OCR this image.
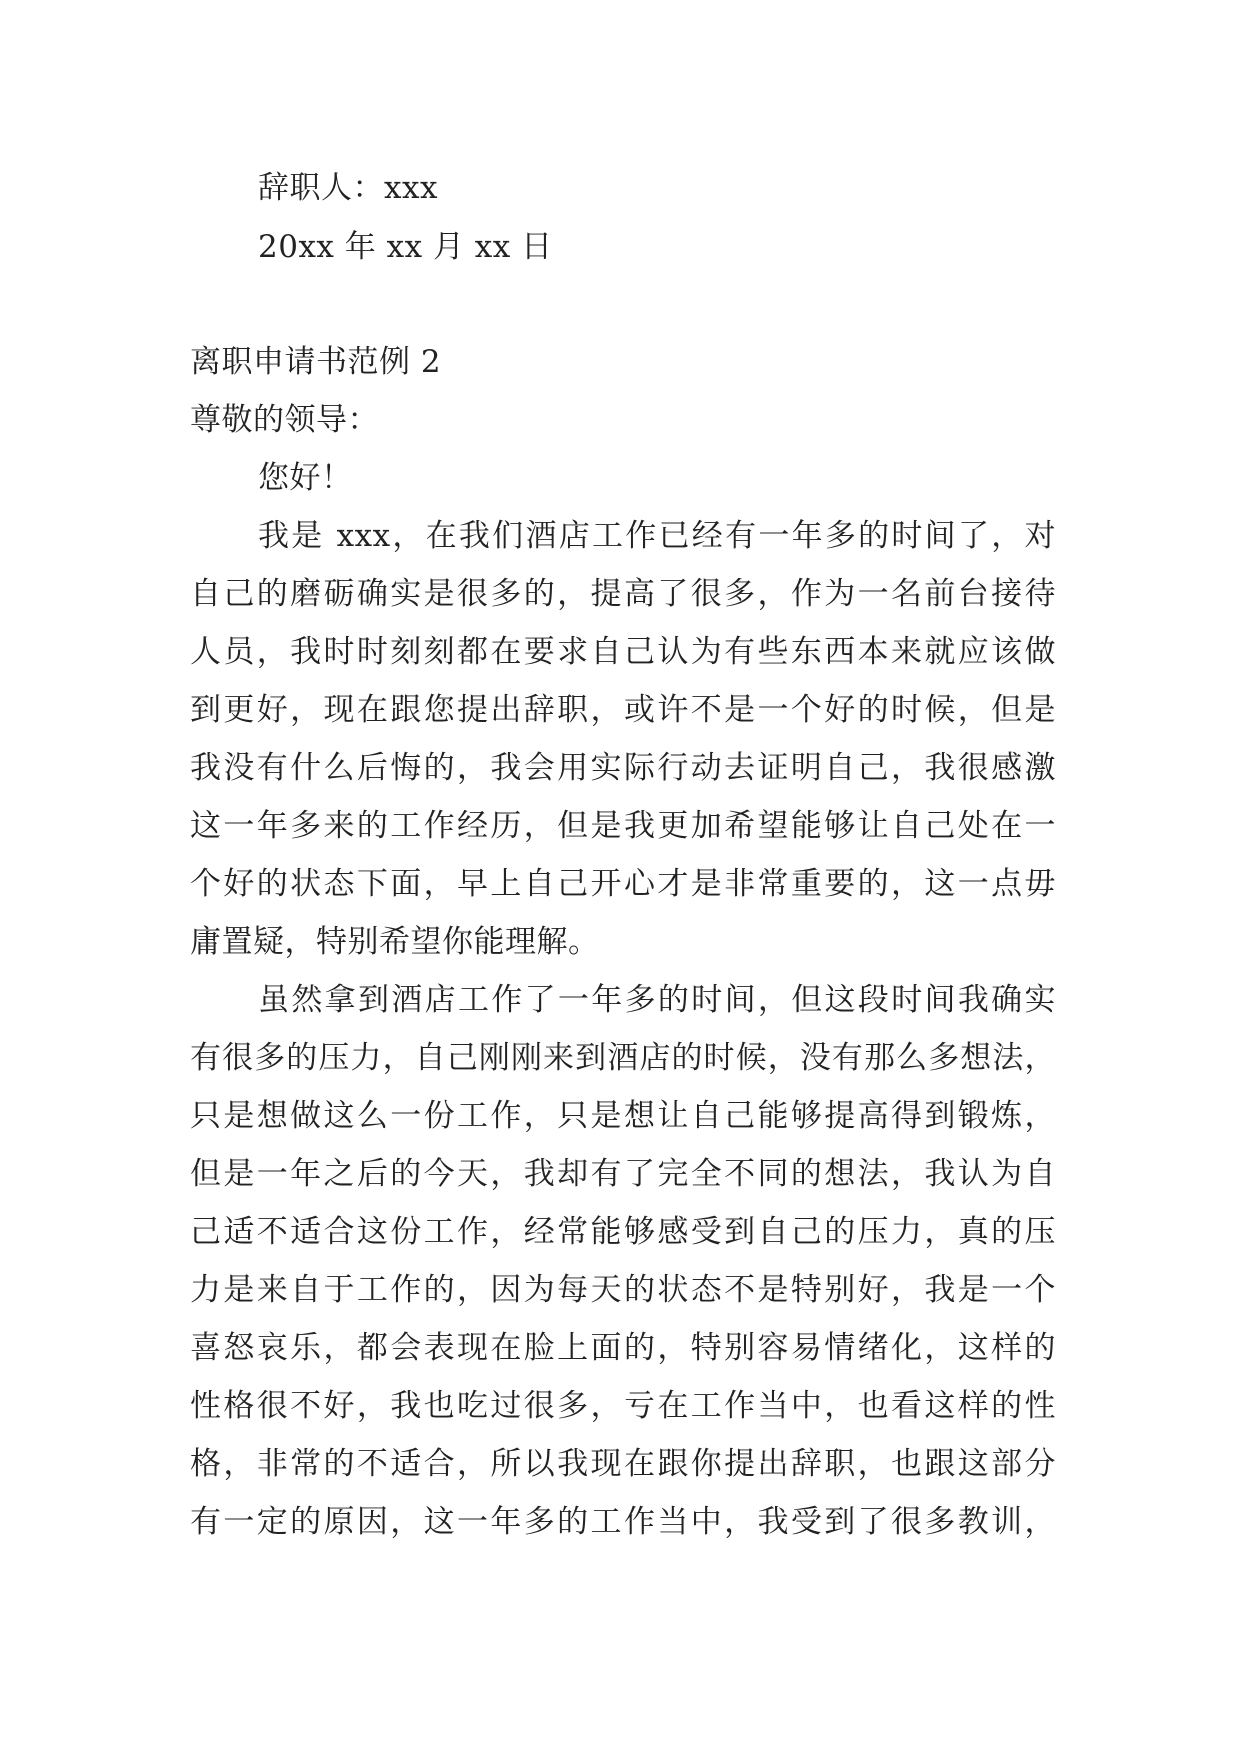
辞职人：xxx
20xx 年 xx 月 xx 日
离职申请书范例 2
尊敬的领导：
您好！
我是 xxx，在我们酒店工作已经有一年多的时间了，对
自己的磨砺确实是很多的，提高了很多，作为一名前台接待
人员，我时时刻刻都在要求自己认为有些东西本来就应该做
到更好，现在跟您提出辞职，或许不是一个好的时候，但是
我没有什么后悔的，我会用实际行动去证明自己，我很感激
这一年多来的工作经历，但是我更加希望能够让自己处在一
个好的状态下面，早上自己开心才是非常重要的，这一点毋
庸置疑，特别希望你能理解。
虽然拿到酒店工作了一年多的时间，但这段时间我确实
有很多的压力，自己刚刚来到酒店的时候，没有那么多想法，
只是想做这么一份工作，只是想让自己能够提高得到锻炼，
但是一年之后的今天，我却有了完全不同的想法，我认为自
己适不适合这份工作，经常能够感受到自己的压力，真的压
力是来自于工作的，因为每天的状态不是特别好，我是一个
喜怒哀乐，都会表现在脸上面的，特别容易情绪化，这样的
性格很不好，我也吃过很多，亏在工作当中，也看这样的性
格，非常的不适合，所以我现在跟你提出辞职，也跟这部分
有一定的原因，这一年多的工作当中，我受到了很多教训，
